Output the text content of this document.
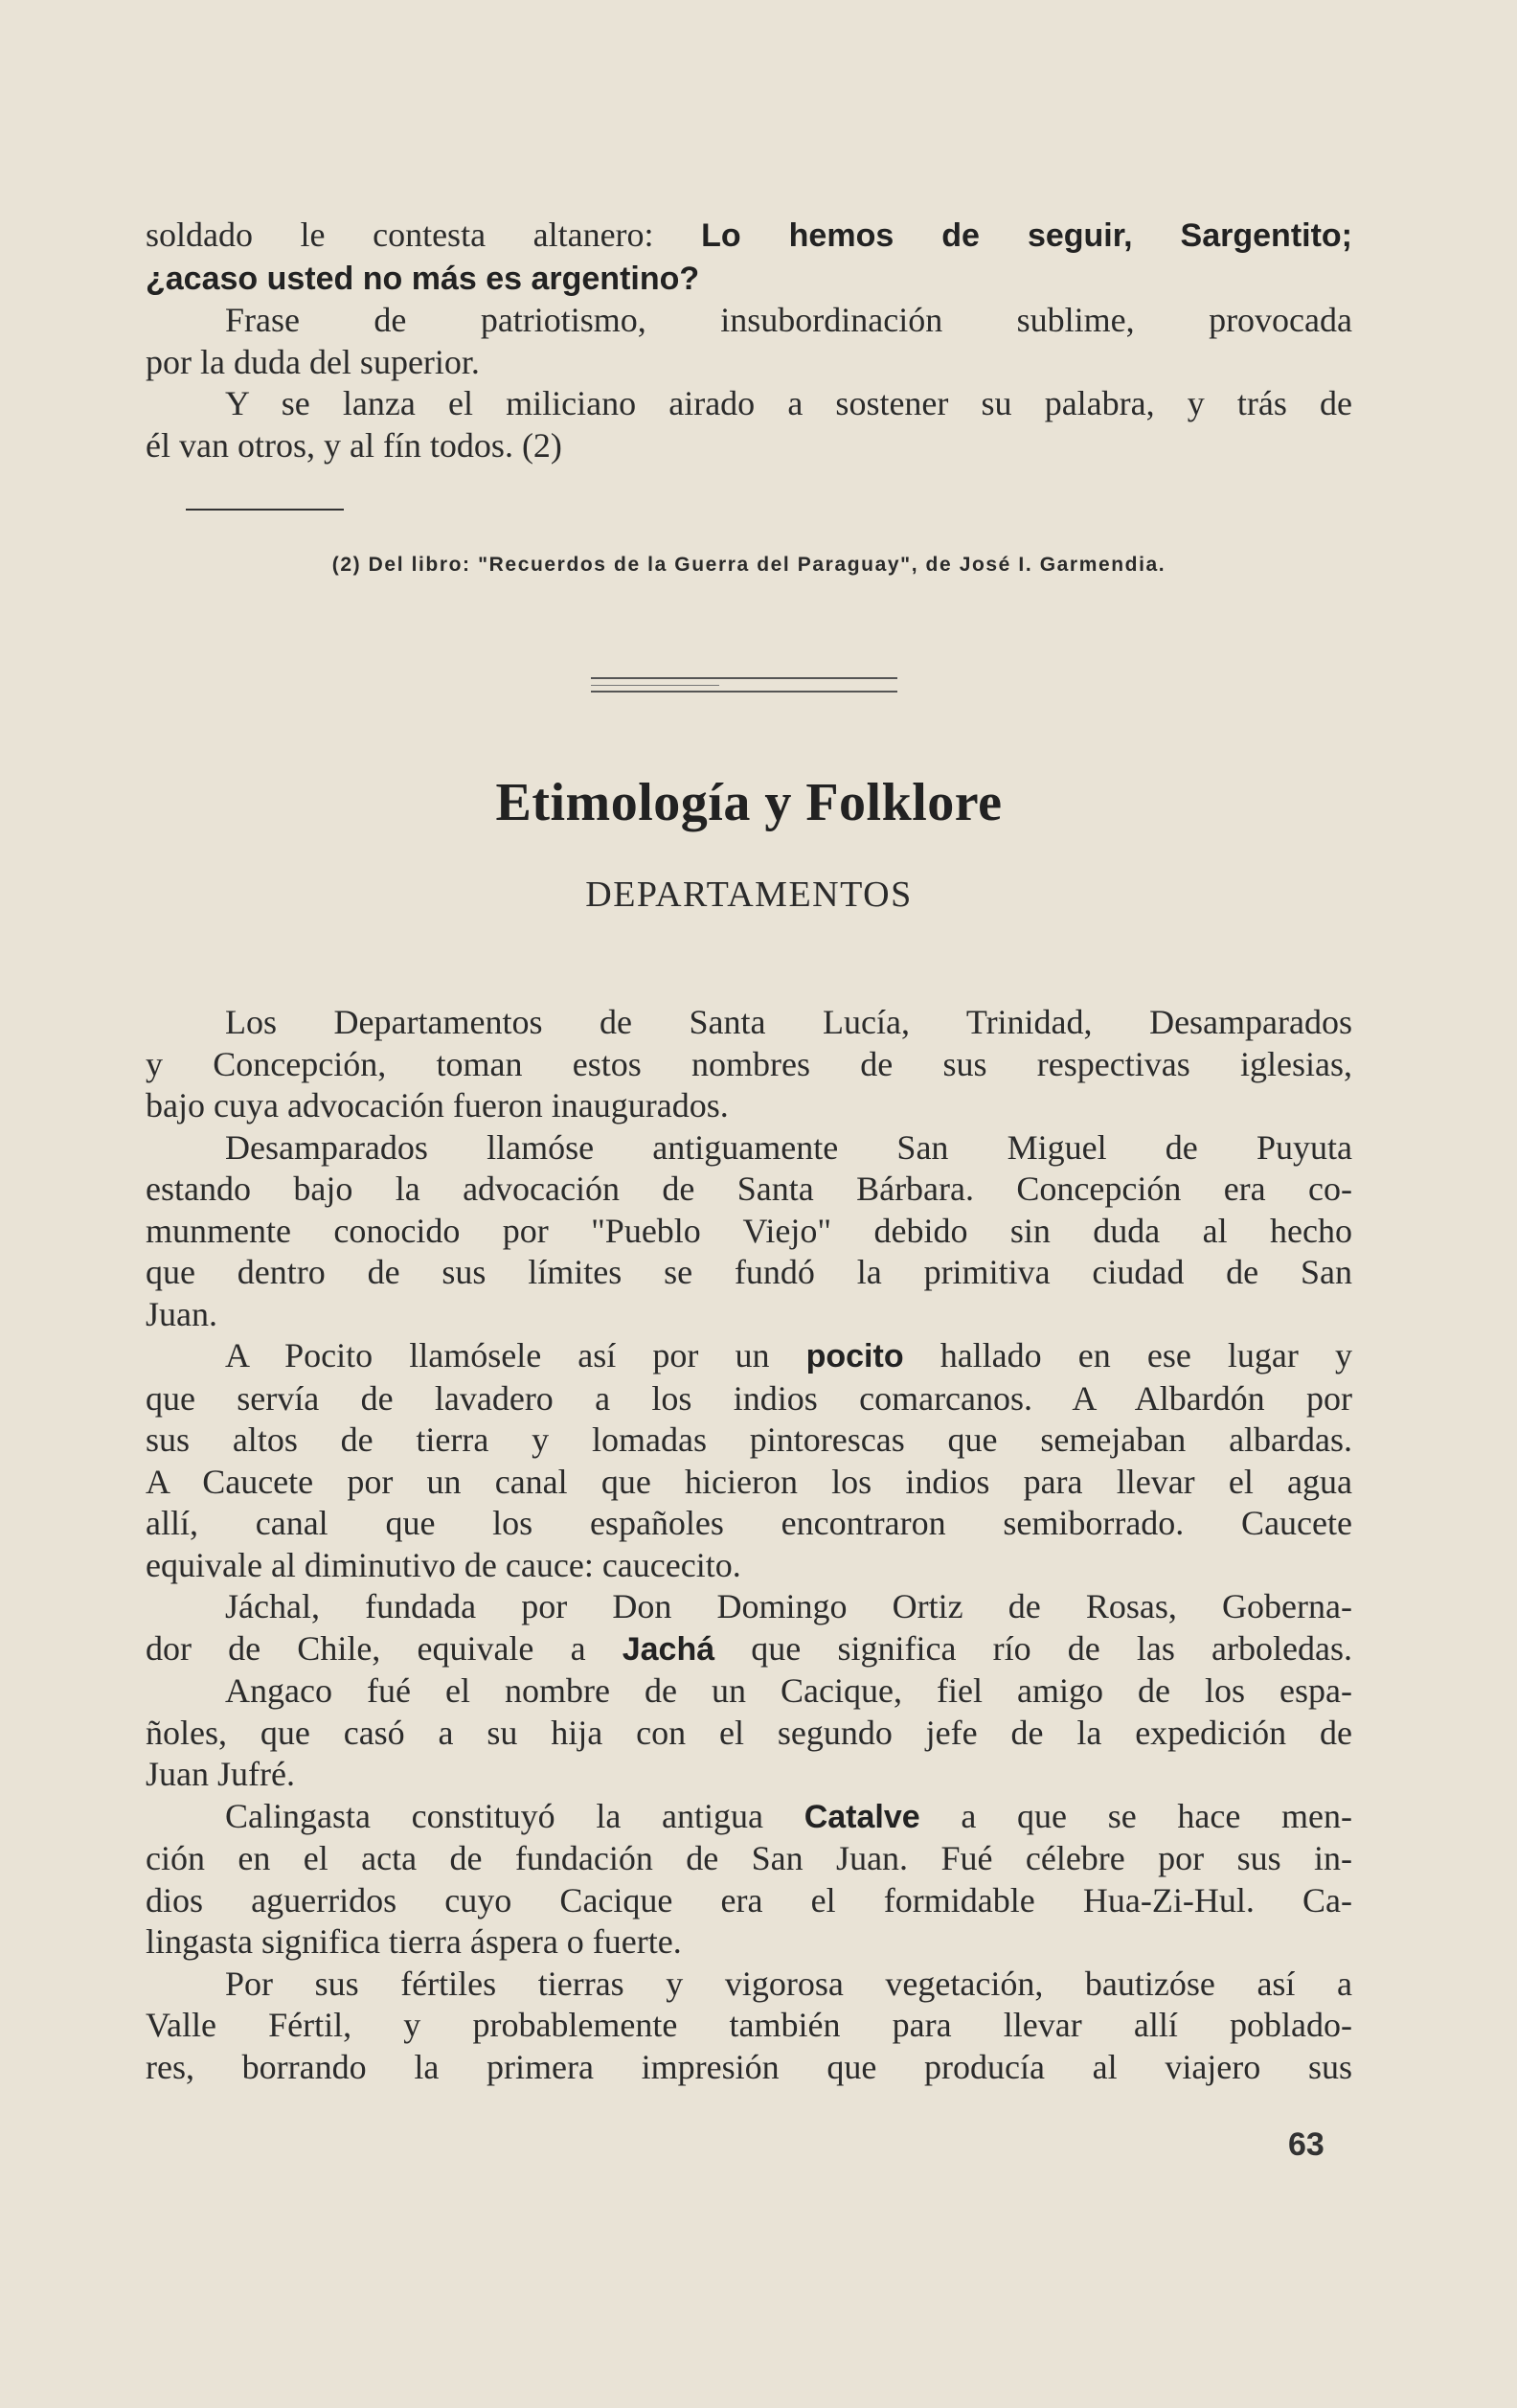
soldado le contesta altanero: Lo hemos de seguir, Sargentito;
¿acaso usted no más es argentino?
Frase de patriotismo, insubordinación sublime, provocada
por la duda del superior.
Y se lanza el miliciano airado a sostener su palabra, y trás de
él van otros, y al fín todos. (2)
(2) Del libro: "Recuerdos de la Guerra del Paraguay", de José I. Garmendia.
Etimología y Folklore
DEPARTAMENTOS
Los Departamentos de Santa Lucía, Trinidad, Desamparados
y Concepción, toman estos nombres de sus respectivas iglesias,
bajo cuya advocación fueron inaugurados.
Desamparados llamóse antiguamente San Miguel de Puyuta
estando bajo la advocación de Santa Bárbara. Concepción era co-
munmente conocido por "Pueblo Viejo" debido sin duda al hecho
que dentro de sus límites se fundó la primitiva ciudad de San
Juan.
A Pocito llamósele así por un pocito hallado en ese lugar y
que servía de lavadero a los indios comarcanos. A Albardón por
sus altos de tierra y lomadas pintorescas que semejaban albardas.
A Caucete por un canal que hicieron los indios para llevar el agua
allí, canal que los españoles encontraron semiborrado. Caucete
equivale al diminutivo de cauce: caucecito.
Jáchal, fundada por Don Domingo Ortiz de Rosas, Goberna-
dor de Chile, equivale a Jachá que significa río de las arboledas.
Angaco fué el nombre de un Cacique, fiel amigo de los espa-
ñoles, que casó a su hija con el segundo jefe de la expedición de
Juan Jufré.
Calingasta constituyó la antigua Catalve a que se hace men-
ción en el acta de fundación de San Juan. Fué célebre por sus in-
dios aguerridos cuyo Cacique era el formidable Hua-Zi-Hul. Ca-
lingasta significa tierra áspera o fuerte.
Por sus fértiles tierras y vigorosa vegetación, bautizóse así a
Valle Fértil, y probablemente también para llevar allí poblado-
res, borrando la primera impresión que producía al viajero sus
63
